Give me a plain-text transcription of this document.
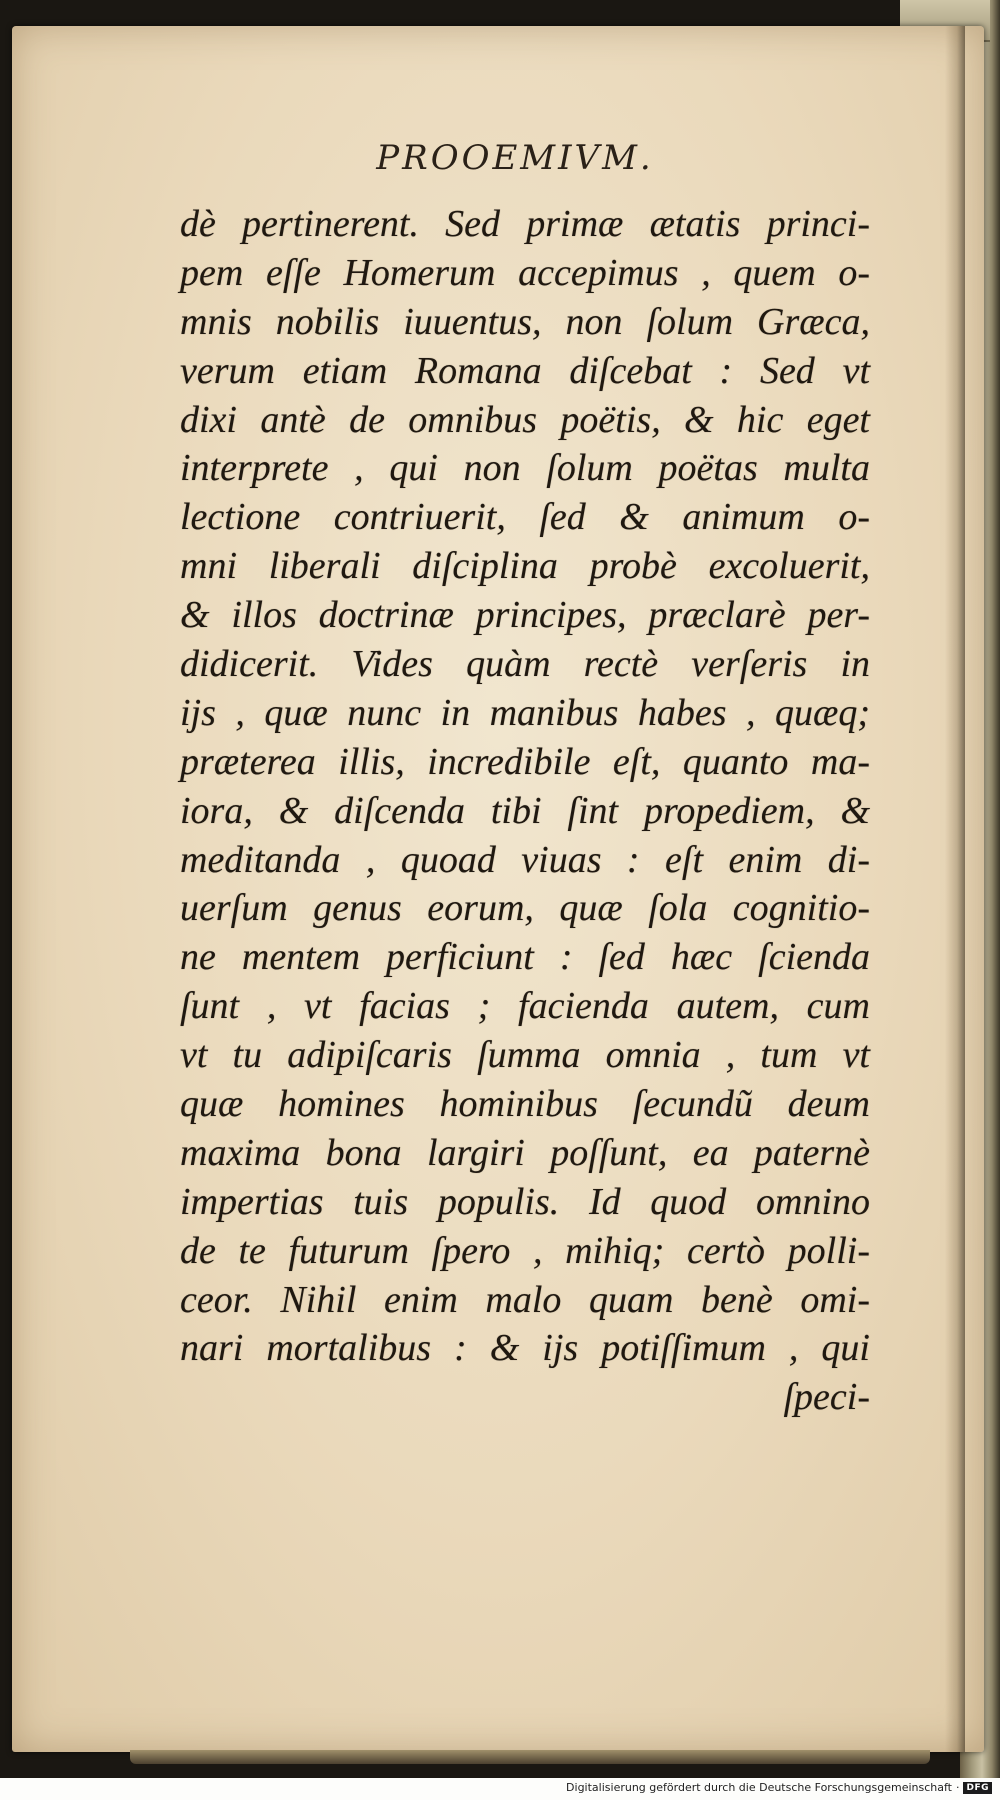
PROOEMIVM.
dè pertinerent. Sed primæ ætatis princi-
pem eſſe Homerum accepimus , quem o-
mnis nobilis iuuentus, non ſolum Græca,
verum etiam Romana diſcebat : Sed vt
dixi antè de omnibus poëtis, & hic eget
interprete , qui non ſolum poëtas multa
lectione contriuerit, ſed & animum o-
mni liberali diſciplina probè excoluerit,
& illos doctrinæ principes, præclarè per-
didicerit. Vides quàm rectè verſeris in
ijs , quæ nunc in manibus habes , quæq;
præterea illis, incredibile eſt, quanto ma-
iora, & diſcenda tibi ſint propediem, &
meditanda , quoad viuas : eſt enim di-
uerſum genus eorum, quæ ſola cognitio-
ne mentem perficiunt : ſed hæc ſcienda
ſunt , vt facias ; facienda autem, cum
vt tu adipiſcaris ſumma omnia , tum vt
quæ homines hominibus ſecundũ deum
maxima bona largiri poſſunt, ea paternè
impertias tuis populis. Id quod omnino
de te futurum ſpero , mihiq; certò polli-
ceor. Nihil enim malo quam benè omi-
nari mortalibus : & ijs potiſſimum , qui
ſpeci-
Digitalisierung gefördert durch die Deutsche Forschungsgemeinschaft · DFG
